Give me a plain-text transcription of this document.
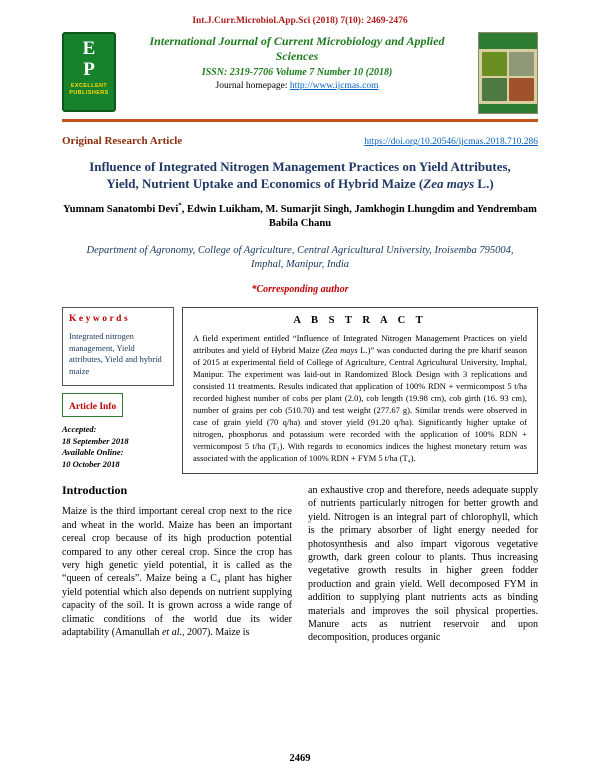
Int.J.Curr.Microbiol.App.Sci (2018) 7(10): 2469-2476
E
P
EXCELLENT
PUBLISHERS
International Journal of Current Microbiology and Applied Sciences
ISSN: 2319-7706 Volume 7 Number 10 (2018)
Journal homepage: http://www.ijcmas.com
Original Research Article	https://doi.org/10.20546/ijcmas.2018.710.286
Influence of Integrated Nitrogen Management Practices on Yield Attributes, Yield, Nutrient Uptake and Economics of Hybrid Maize (Zea mays L.)
Yumnam Sanatombi Devi*, Edwin Luikham, M. Sumarjit Singh, Jamkhogin Lhungdim and Yendrembam Babila Chanu
Department of Agronomy, College of Agriculture, Central Agricultural University, Iroisemba 795004, Imphal, Manipur, India
*Corresponding author
Keywords
Integrated nitrogen management, Yield attributes, Yield and hybrid maize
Article Info
Accepted:
18 September 2018
Available Online:
10 October 2018
A B S T R A C T
A field experiment entitled “Influence of Integrated Nitrogen Management Practices on yield attributes and yield of Hybrid Maize (Zea mays L.)” was conducted during the pre kharif season of 2015 at experimental field of College of Agriculture, Central Agricultural University, Imphal, Manipur. The experiment was laid-out in Randomized Block Design with 3 replications and consisted 11 treatments. Results indicated that application of 100% RDN + vermicompost 5 t/ha recorded highest number of cobs per plant (2.0), cob length (19.98 cm), cob girth (16. 93 cm), number of grains per cob (510.70) and test weight (277.67 g). Similar trends were observed in case of grain yield (70 q/ha) and stover yield (91.20 q/ha). Significantly higher uptake of nitrogen, phosphorus and potassium were recorded with the application of 100% RDN + vermicompost 5 t/ha (T₃). With regards to economics indices the highest monetary return was associated with the application of 100% RDN + FYM 5 t/ha (T₄).
Introduction
Maize is the third important cereal crop next to the rice and wheat in the world. Maize has been an important cereal crop because of its high production potential compared to any other cereal crop. Since the crop has very high genetic yield potential, it is called as the “queen of cereals”. Maize being a C₄ plant has higher yield potential which also depends on nutrient supplying capacity of the soil. It is grown across a wide range of climatic conditions of the world due its wider adaptability (Amanullah et al., 2007). Maize is
an exhaustive crop and therefore, needs adequate supply of nutrients particularly nitrogen for better growth and yield. Nitrogen is an integral part of chlorophyll, which is the primary absorber of light energy needed for photosynthesis and also impart vigorous vegetative growth, dark green colour to plants. Thus increasing vegetative growth results in higher green fodder production and grain yield. Well decomposed FYM in addition to supplying plant nutrients acts as binding materials and improves the soil physical properties. Manure acts as nutrient reservoir and upon decomposition, produces organic
2469
